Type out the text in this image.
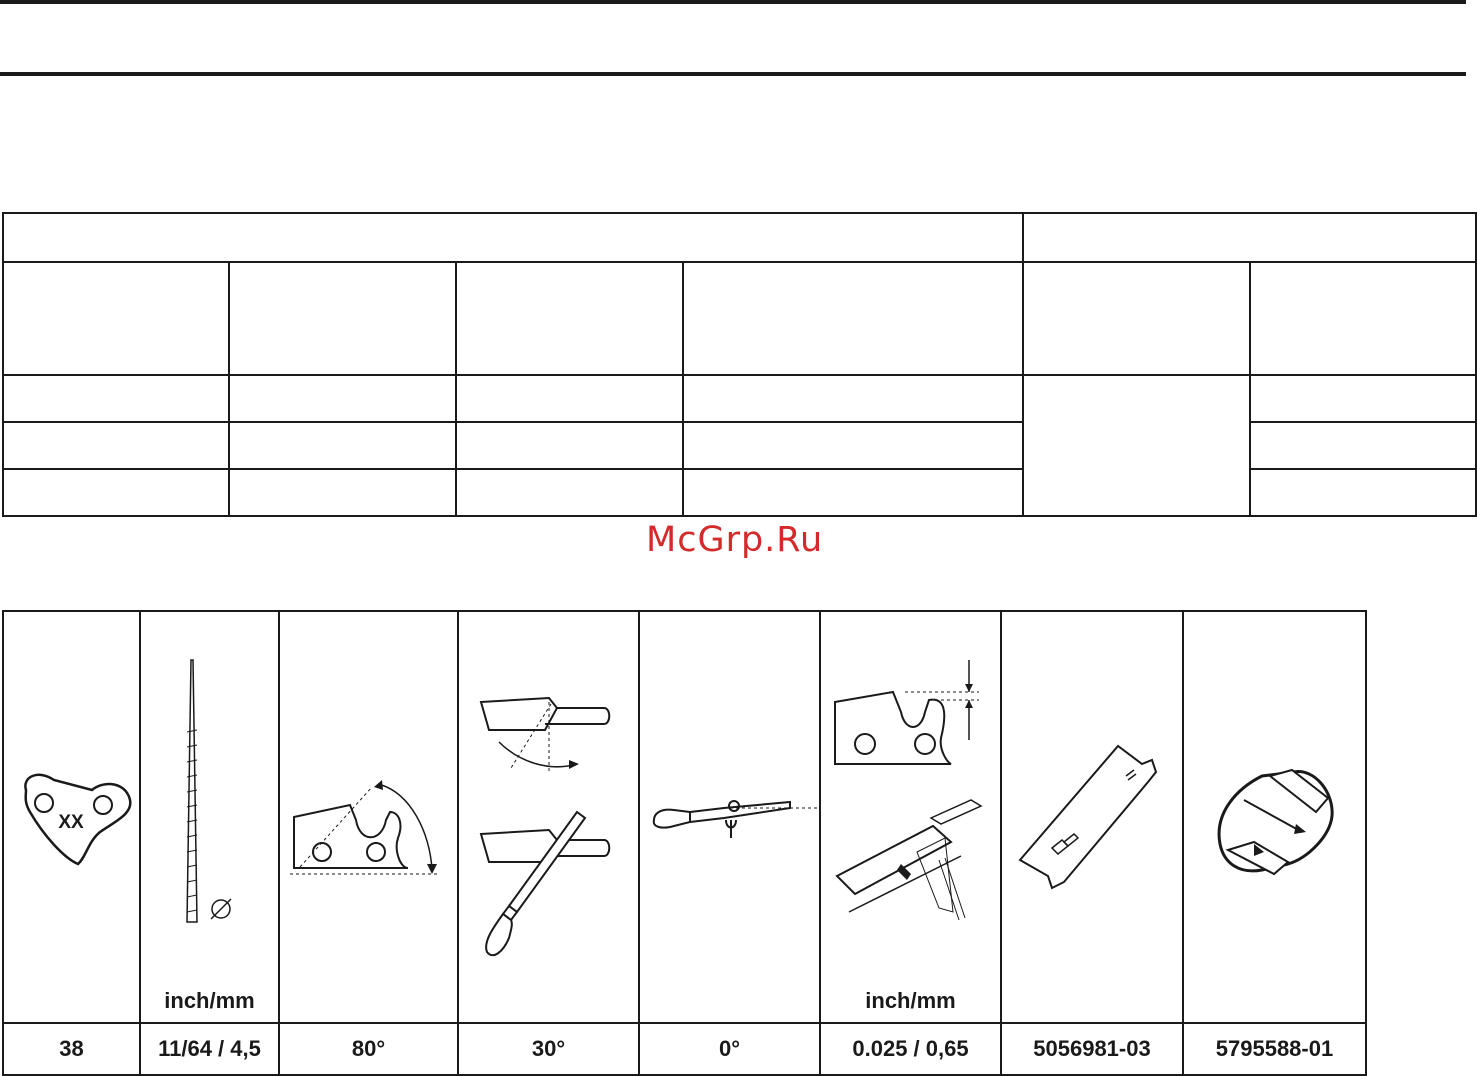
McGrp.Ru
XX	inch/mm				inch/mm

38	11/64 / 4,5	80°	30°	0°	0.025 / 0,65	5056981-03	5795588-01
